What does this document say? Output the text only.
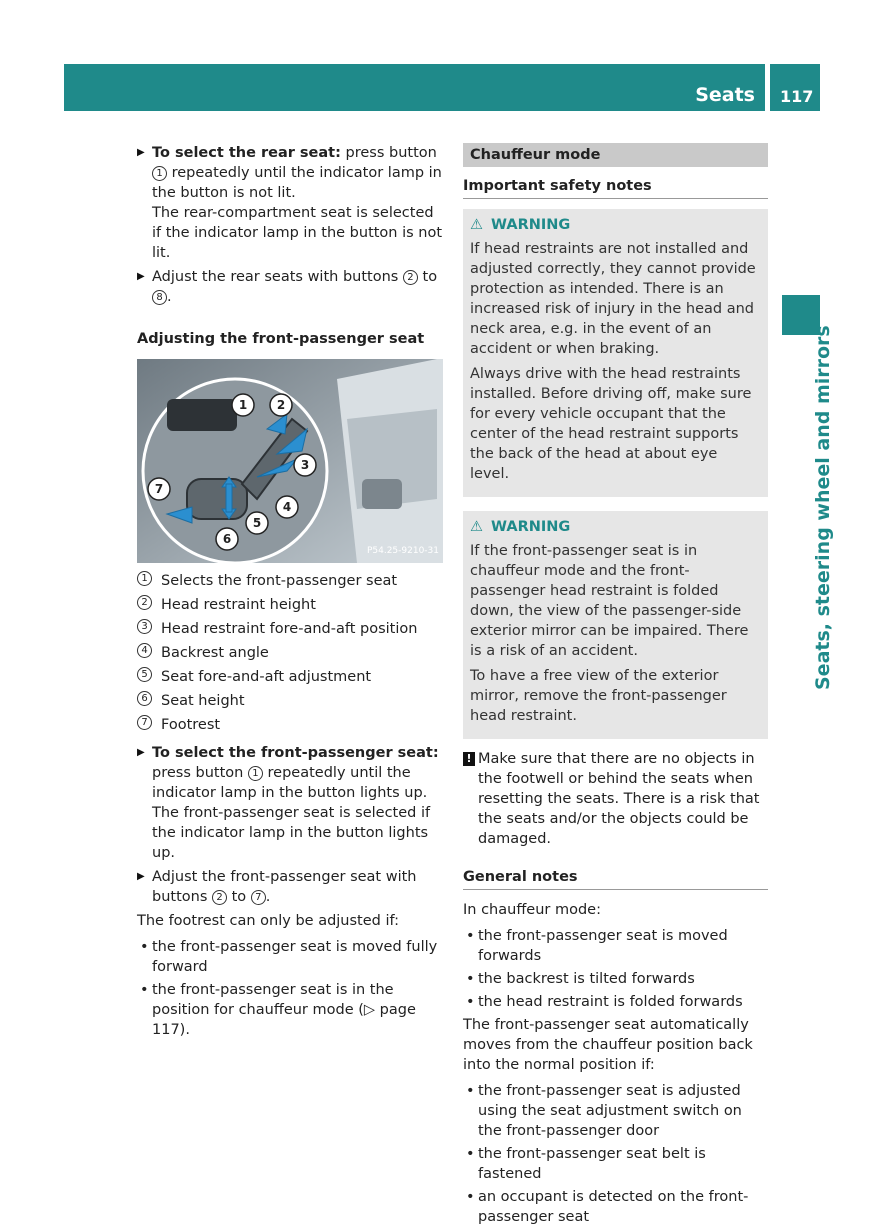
Seats	117
Seats, steering wheel and mirrors

▶ To select the rear seat: press button 1 repeatedly until the indicator lamp in the button is not lit.

The rear-compartment seat is selected if the indicator lamp in the button is not lit.

▶ Adjust the rear seats with buttons 2 to
8 .

Adjusting the front-passenger seat
1 2
3
4
5
6
7
P54.25-9210-31
1 Selects the front-passenger seat
2 Head restraint height
3 Head restraint fore-and-aft position
4 Backrest angle
5 Seat fore-and-aft adjustment
6 Seat height
7 Footrest

▶ To select the front-passenger seat:

press button 1 repeatedly until the indicator lamp in the button lights up.

The front-passenger seat is selected if the indicator lamp in the button lights up.

▶ Adjust the front-passenger seat with buttons 2 to 7 .

The footrest can only be adjusted if:

• the front-passenger seat is moved fully forward
• the front-passenger seat is in the position for chauffeur mode (▷ page 117).
Chauffeur mode
Important safety notes
⚠ WARNING

If head restraints are not installed and adjusted correctly, they cannot provide protection as intended. There is an increased risk of injury in the head and neck area, e.g. in the event of an accident or when braking.

Always drive with the head restraints installed. Before driving off, make sure for every vehicle occupant that the center of the head restraint supports the back of the head at about eye level.

⚠ WARNING

If the front-passenger seat is in chauffeur mode and the front-passenger head restraint is folded down, the view of the passenger-side exterior mirror can be impaired. There is a risk of an accident.

To have a free view of the exterior mirror, remove the front-passenger head restraint.

! Make sure that there are no objects in the footwell or behind the seats when resetting the seats. There is a risk that the seats and/or the objects could be damaged.

General notes

In chauffeur mode:

• the front-passenger seat is moved forwards
• the backrest is tilted forwards
• the head restraint is folded forwards

The front-passenger seat automatically moves from the chauffeur position back into the normal position if:

• the front-passenger seat is adjusted using the seat adjustment switch on the front-passenger door
• the front-passenger seat belt is fastened
• an occupant is detected on the front-passenger seat
